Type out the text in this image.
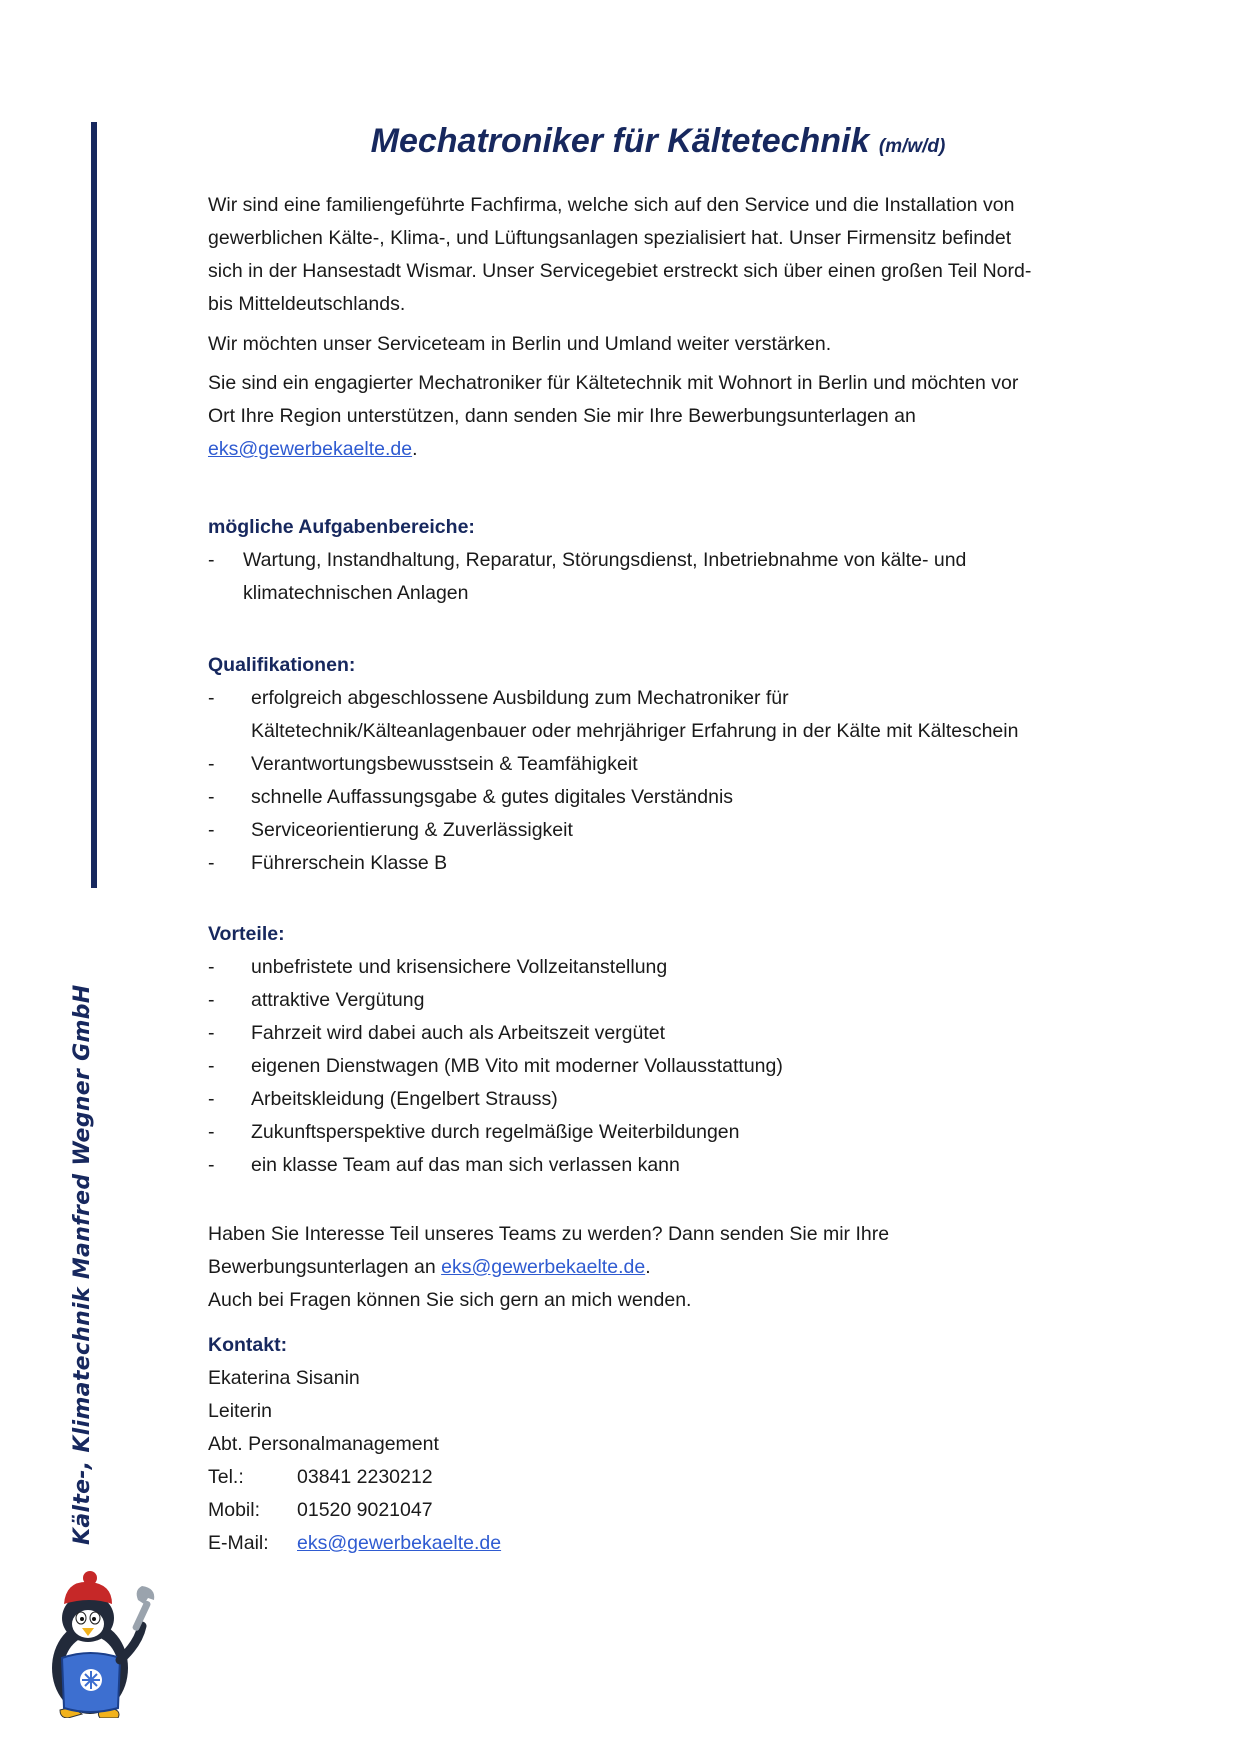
Kälte-, Klimatechnik Manfred Wegner GmbH
Mechatroniker für Kältetechnik (m/w/d)
Wir sind eine familiengeführte Fachfirma, welche sich auf den Service und die Installation von
gewerblichen Kälte-, Klima-, und Lüftungsanlagen spezialisiert hat. Unser Firmensitz befindet
sich in der Hansestadt Wismar. Unser Servicegebiet erstreckt sich über einen großen Teil Nord-
bis Mitteldeutschlands.
Wir möchten unser Serviceteam in Berlin und Umland weiter verstärken.
Sie sind ein engagierter Mechatroniker für Kältetechnik mit Wohnort in Berlin und möchten vor
Ort Ihre Region unterstützen, dann senden Sie mir Ihre Bewerbungsunterlagen an
eks@gewerbekaelte.de.
mögliche Aufgabenbereiche:
- Wartung, Instandhaltung, Reparatur, Störungsdienst, Inbetriebnahme von kälte- und
klimatechnischen Anlagen
Qualifikationen:
- erfolgreich abgeschlossene Ausbildung zum Mechatroniker für
Kältetechnik/Kälteanlagenbauer oder mehrjähriger Erfahrung in der Kälte mit Kälteschein
- Verantwortungsbewusstsein & Teamfähigkeit
- schnelle Auffassungsgabe & gutes digitales Verständnis
- Serviceorientierung & Zuverlässigkeit
- Führerschein Klasse B
Vorteile:
- unbefristete und krisensichere Vollzeitanstellung
- attraktive Vergütung
- Fahrzeit wird dabei auch als Arbeitszeit vergütet
- eigenen Dienstwagen (MB Vito mit moderner Vollausstattung)
- Arbeitskleidung (Engelbert Strauss)
- Zukunftsperspektive durch regelmäßige Weiterbildungen
- ein klasse Team auf das man sich verlassen kann
Haben Sie Interesse Teil unseres Teams zu werden? Dann senden Sie mir Ihre
Bewerbungsunterlagen an eks@gewerbekaelte.de.
Auch bei Fragen können Sie sich gern an mich wenden.
Kontakt:
Ekaterina Sisanin
Leiterin
Abt. Personalmanagement
Tel.:	03841 2230212
Mobil: 01520 9021047
E-Mail: eks@gewerbekaelte.de
